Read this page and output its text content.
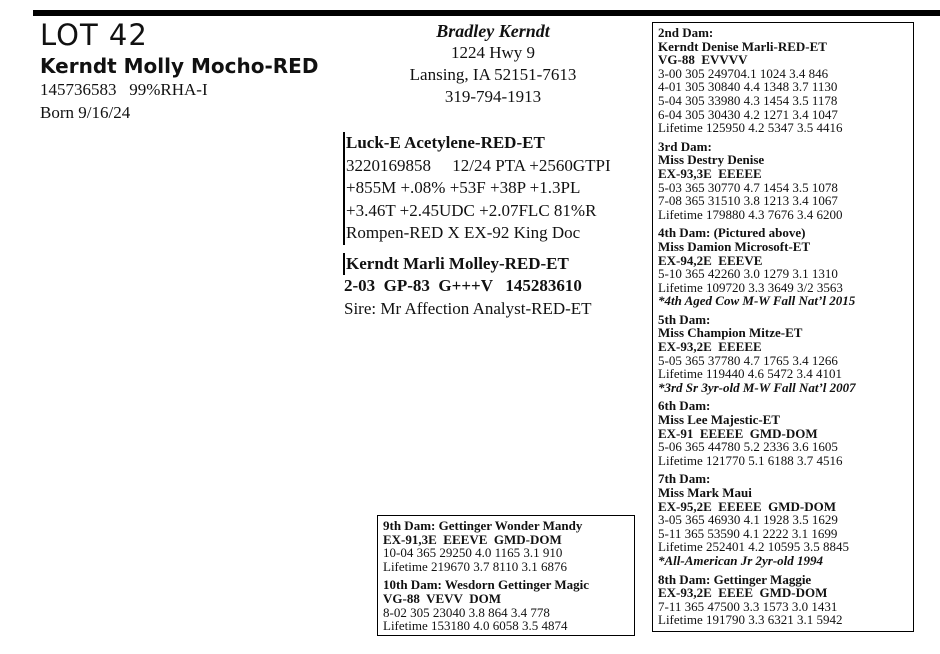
LOT 42
Kerndt Molly Mocho-RED
145736583   99%RHA-I
Born 9/16/24
Bradley Kerndt
1224 Hwy 9
Lansing, IA 52151-7613
319-794-1913
Luck-E Acetylene-RED-ET
3220169858     12/24 PTA +2560GTPI
+855M +.08% +53F +38P +1.3PL
+3.46T +2.45UDC +2.07FLC 81%R
Rompen-RED X EX-92 King Doc
Kerndt Marli Molley-RED-ET
2-03  GP-83  G+++V   145283610
Sire: Mr Affection Analyst-RED-ET
2nd Dam:
Kerndt Denise Marli-RED-ET
VG-88  EVVVV
3-00 305 249704.1 1024 3.4 846
4-01 305 30840 4.4 1348 3.7 1130
5-04 305 33980 4.3 1454 3.5 1178
6-04 305 30430 4.2 1271 3.4 1047
Lifetime 125950 4.2 5347 3.5 4416
3rd Dam:
Miss Destry Denise
EX-93,3E  EEEEE
5-03 365 30770 4.7 1454 3.5 1078
7-08 365 31510 3.8 1213 3.4 1067
Lifetime 179880 4.3 7676 3.4 6200
4th Dam: (Pictured above)
Miss Damion Microsoft-ET
EX-94,2E  EEEVE
5-10 365 42260 3.0 1279 3.1 1310
Lifetime 109720 3.3 3649 3/2 3563
*4th Aged Cow M-W Fall Nat’l 2015
5th Dam:
Miss Champion Mitze-ET
EX-93,2E  EEEEE
5-05 365 37780 4.7 1765 3.4 1266
Lifetime 119440 4.6 5472 3.4 4101
*3rd Sr 3yr-old M-W Fall Nat’l 2007
6th Dam:
Miss Lee Majestic-ET
EX-91  EEEEE  GMD-DOM
5-06 365 44780 5.2 2336 3.6 1605
Lifetime 121770 5.1 6188 3.7 4516
7th Dam:
Miss Mark Maui
EX-95,2E  EEEEE  GMD-DOM
3-05 365 46930 4.1 1928 3.5 1629
5-11 365 53590 4.1 2222 3.1 1699
Lifetime 252401 4.2 10595 3.5 8845
*All-American Jr 2yr-old 1994
8th Dam: Gettinger Maggie
EX-93,2E  EEEE  GMD-DOM
7-11 365 47500 3.3 1573 3.0 1431
Lifetime 191790 3.3 6321 3.1 5942
9th Dam: Gettinger Wonder Mandy
EX-91,3E  EEEVE  GMD-DOM
10-04 365 29250 4.0 1165 3.1 910
Lifetime 219670 3.7 8110 3.1 6876
10th Dam: Wesdorn Gettinger Magic
VG-88  VEVV  DOM
8-02 305 23040 3.8 864 3.4 778
Lifetime 153180 4.0 6058 3.5 4874
